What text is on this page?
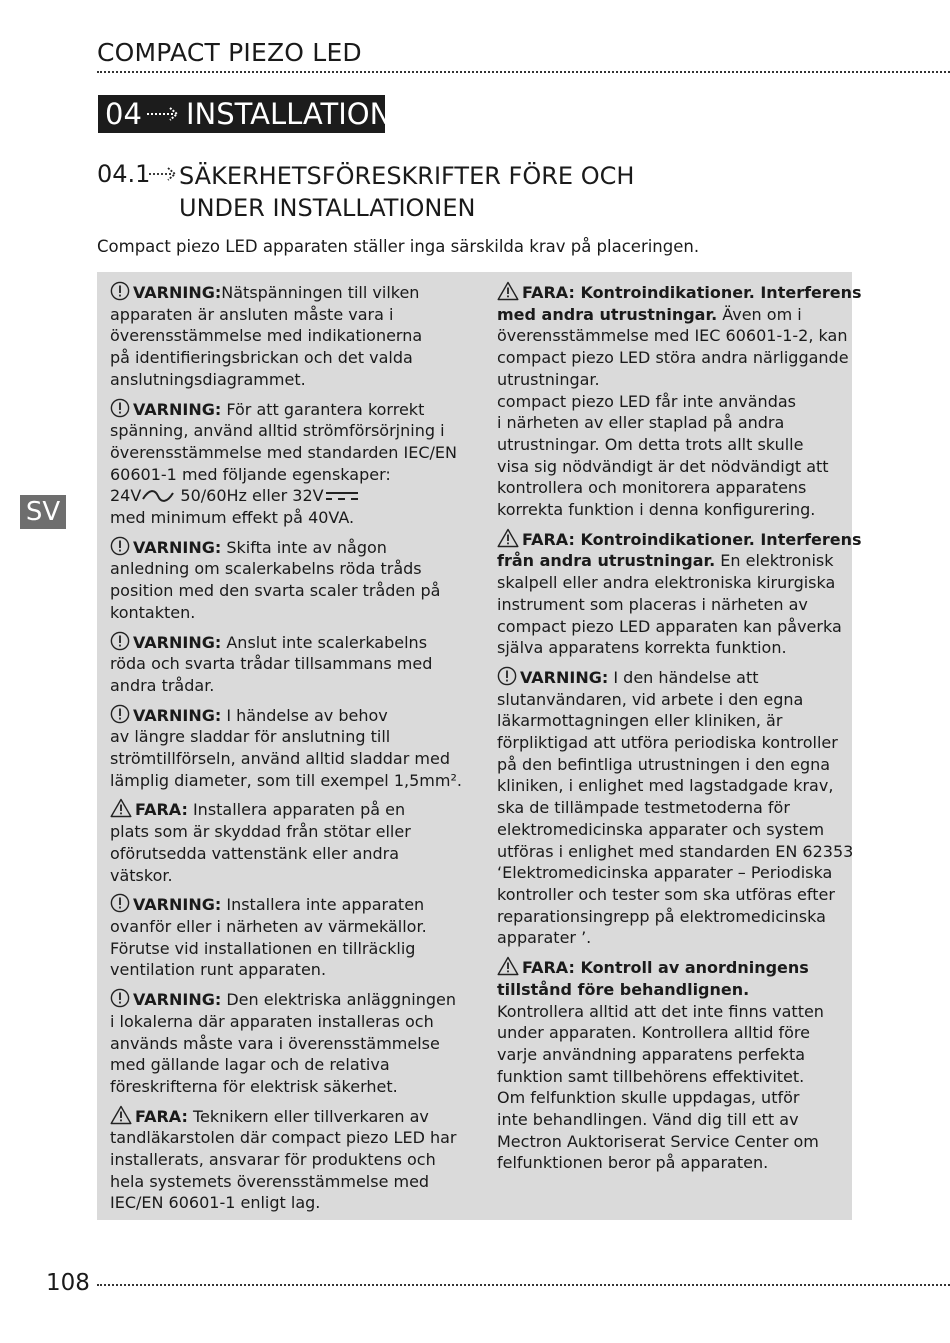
COMPACT PIEZO LED
04 INSTALLATION
04.1 SÄKERHETSFÖRESKRIFTER FÖRE OCH
UNDER INSTALLATIONEN
Compact piezo LED apparaten ställer inga särskilda krav på placeringen.
SV

VARNING:Nätspänningen till vilken
apparaten är ansluten måste vara i
överensstämmelse med indikationerna
på identifieringsbrickan och det valda
anslutningsdiagrammet.

VARNING: För att garantera korrekt
spänning, använd alltid strömförsörjning i
överensstämmelse med standarden IEC/EN
60601-1 med följande egenskaper:
24V 50/60Hz eller 32V
med minimum effekt på 40VA.

VARNING: Skifta inte av någon
anledning om scalerkabelns röda tråds
position med den svarta scaler tråden på
kontakten.

VARNING: Anslut inte scalerkabelns
röda och svarta trådar tillsammans med
andra trådar.

VARNING: I händelse av behov
av längre sladdar för anslutning till
strömtillförseln, använd alltid sladdar med
lämplig diameter, som till exempel 1,5mm².

FARA: Installera apparaten på en
plats som är skyddad från stötar eller
oförutsedda vattenstänk eller andra
vätskor.

VARNING: Installera inte apparaten
ovanför eller i närheten av värmekällor.
Förutse vid installationen en tillräcklig
ventilation runt apparaten.

VARNING: Den elektriska anläggningen
i lokalerna där apparaten installeras och
används måste vara i överensstämmelse
med gällande lagar och de relativa
föreskrifterna för elektrisk säkerhet.

FARA: Teknikern eller tillverkaren av
tandläkarstolen där compact piezo LED har
installerats, ansvarar för produktens och
hela systemets överensstämmelse med
IEC/EN 60601-1 enligt lag.

FARA: Kontroindikationer. Interferens
med andra utrustningar. Även om i
överensstämmelse med IEC 60601-1-2, kan
compact piezo LED störa andra närliggande
utrustningar.
compact piezo LED får inte användas
i närheten av eller staplad på andra
utrustningar. Om detta trots allt skulle
visa sig nödvändigt är det nödvändigt att
kontrollera och monitorera apparatens
korrekta funktion i denna konfigurering.

FARA: Kontroindikationer. Interferens
från andra utrustningar. En elektronisk
skalpell eller andra elektroniska kirurgiska
instrument som placeras i närheten av
compact piezo LED apparaten kan påverka
själva apparatens korrekta funktion.

VARNING: I den händelse att
slutanvändaren, vid arbete i den egna
läkarmottagningen eller kliniken, är
förpliktigad att utföra periodiska kontroller
på den befintliga utrustningen i den egna
kliniken, i enlighet med lagstadgade krav,
ska de tillämpade testmetoderna för
elektromedicinska apparater och system
utföras i enlighet med standarden EN 62353
‘Elektromedicinska apparater – Periodiska
kontroller och tester som ska utföras efter
reparationsingrepp på elektromedicinska
apparater ’.

FARA: Kontroll av anordningens
tillstånd före behandlignen.
Kontrollera alltid att det inte finns vatten
under apparaten. Kontrollera alltid före
varje användning apparatens perfekta
funktion samt tillbehörens effektivitet.
Om felfunktion skulle uppdagas, utför
inte behandlingen. Vänd dig till ett av
Mectron Auktoriserat Service Center om
felfunktionen beror på apparaten.

108
